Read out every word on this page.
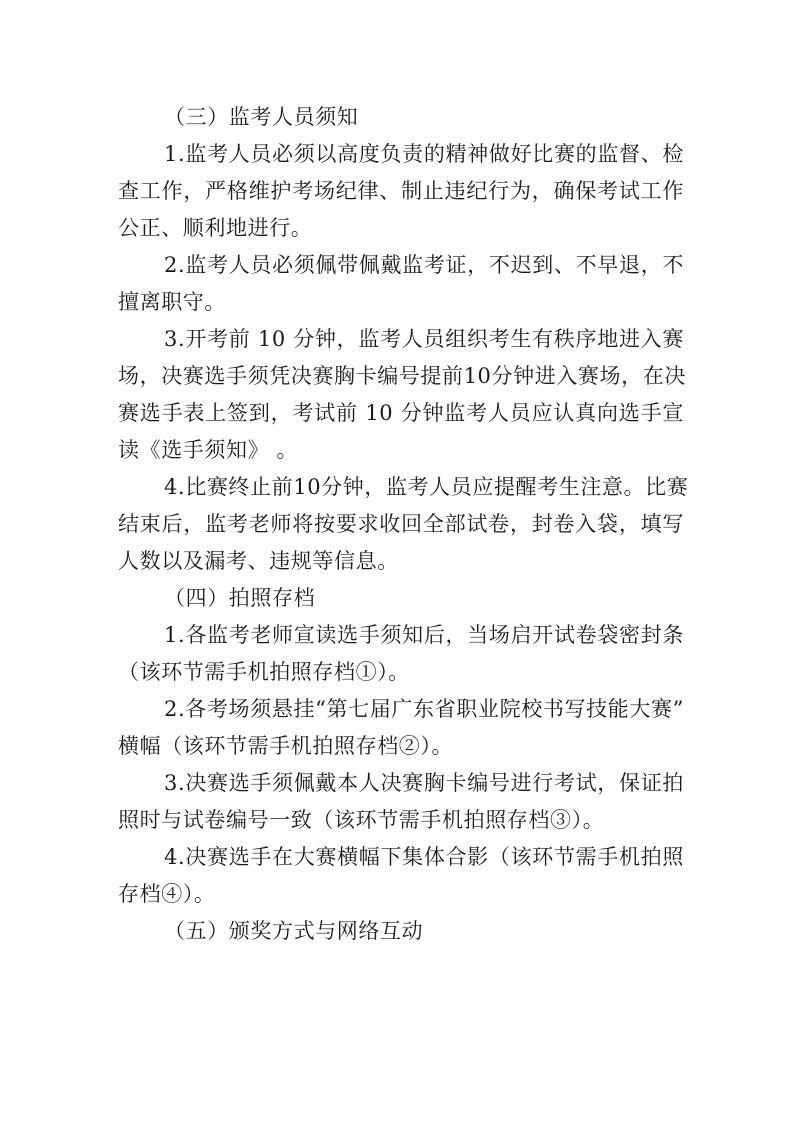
（三）监考人员须知
1.监考人员必须以高度负责的精神做好比赛的监督、检
查工作，严格维护考场纪律、制止违纪行为，确保考试工作
公正、顺利地进行。
2.监考人员必须佩带佩戴监考证，不迟到、不早退，不
擅离职守。
3.开考前 10 分钟，监考人员组织考生有秩序地进入赛
场，决赛选手须凭决赛胸卡编号提前10分钟进入赛场，在决
赛选手表上签到，考试前 10 分钟监考人员应认真向选手宣
读《选手须知》 。
4.比赛终止前10分钟，监考人员应提醒考生注意。比赛
结束后，监考老师将按要求收回全部试卷，封卷入袋，填写
人数以及漏考、违规等信息。
（四）拍照存档
1.各监考老师宣读选手须知后，当场启开试卷袋密封条
（该环节需手机拍照存档①）。
2.各考场须悬挂“第七届广东省职业院校书写技能大赛”
横幅（该环节需手机拍照存档②）。
3.决赛选手须佩戴本人决赛胸卡编号进行考试，保证拍
照时与试卷编号一致（该环节需手机拍照存档③）。
4.决赛选手在大赛横幅下集体合影（该环节需手机拍照
存档④）。
（五）颁奖方式与网络互动
